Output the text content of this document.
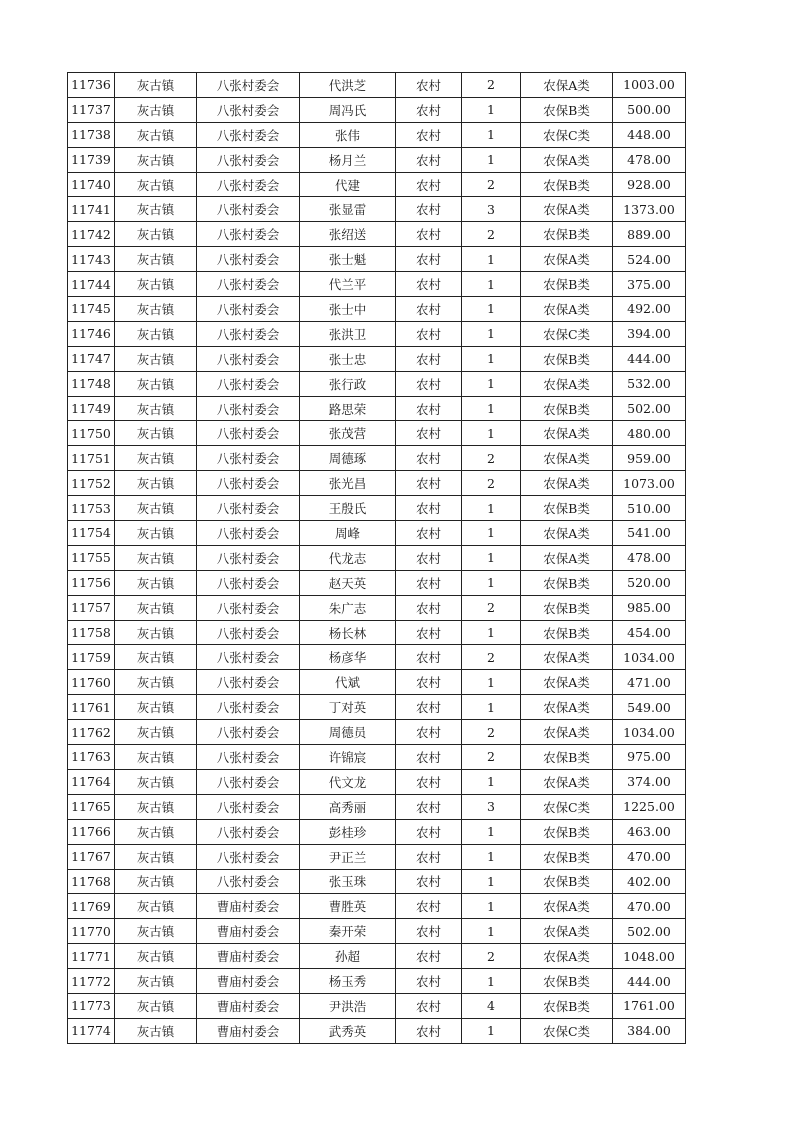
11736	灰古镇	八张村委会	代洪芝	农村	2	农保A类	1003.00
11737	灰古镇	八张村委会	周冯氏	农村	1	农保B类	500.00
11738	灰古镇	八张村委会	张伟	农村	1	农保C类	448.00
11739	灰古镇	八张村委会	杨月兰	农村	1	农保A类	478.00
11740	灰古镇	八张村委会	代建	农村	2	农保B类	928.00
11741	灰古镇	八张村委会	张显雷	农村	3	农保A类	1373.00
11742	灰古镇	八张村委会	张绍送	农村	2	农保B类	889.00
11743	灰古镇	八张村委会	张士魁	农村	1	农保A类	524.00
11744	灰古镇	八张村委会	代兰平	农村	1	农保B类	375.00
11745	灰古镇	八张村委会	张士中	农村	1	农保A类	492.00
11746	灰古镇	八张村委会	张洪卫	农村	1	农保C类	394.00
11747	灰古镇	八张村委会	张士忠	农村	1	农保B类	444.00
11748	灰古镇	八张村委会	张行政	农村	1	农保A类	532.00
11749	灰古镇	八张村委会	路思荣	农村	1	农保B类	502.00
11750	灰古镇	八张村委会	张茂营	农村	1	农保A类	480.00
11751	灰古镇	八张村委会	周德琢	农村	2	农保A类	959.00
11752	灰古镇	八张村委会	张光昌	农村	2	农保A类	1073.00
11753	灰古镇	八张村委会	王殷氏	农村	1	农保B类	510.00
11754	灰古镇	八张村委会	周峰	农村	1	农保A类	541.00
11755	灰古镇	八张村委会	代龙志	农村	1	农保A类	478.00
11756	灰古镇	八张村委会	赵天英	农村	1	农保B类	520.00
11757	灰古镇	八张村委会	朱广志	农村	2	农保B类	985.00
11758	灰古镇	八张村委会	杨长林	农村	1	农保B类	454.00
11759	灰古镇	八张村委会	杨彦华	农村	2	农保A类	1034.00
11760	灰古镇	八张村委会	代斌	农村	1	农保A类	471.00
11761	灰古镇	八张村委会	丁对英	农村	1	农保A类	549.00
11762	灰古镇	八张村委会	周德员	农村	2	农保A类	1034.00
11763	灰古镇	八张村委会	许锦宸	农村	2	农保B类	975.00
11764	灰古镇	八张村委会	代文龙	农村	1	农保A类	374.00
11765	灰古镇	八张村委会	高秀丽	农村	3	农保C类	1225.00
11766	灰古镇	八张村委会	彭桂珍	农村	1	农保B类	463.00
11767	灰古镇	八张村委会	尹正兰	农村	1	农保B类	470.00
11768	灰古镇	八张村委会	张玉珠	农村	1	农保B类	402.00
11769	灰古镇	曹庙村委会	曹胜英	农村	1	农保A类	470.00
11770	灰古镇	曹庙村委会	秦开荣	农村	1	农保A类	502.00
11771	灰古镇	曹庙村委会	孙超	农村	2	农保A类	1048.00
11772	灰古镇	曹庙村委会	杨玉秀	农村	1	农保B类	444.00
11773	灰古镇	曹庙村委会	尹洪浩	农村	4	农保B类	1761.00
11774	灰古镇	曹庙村委会	武秀英	农村	1	农保C类	384.00
